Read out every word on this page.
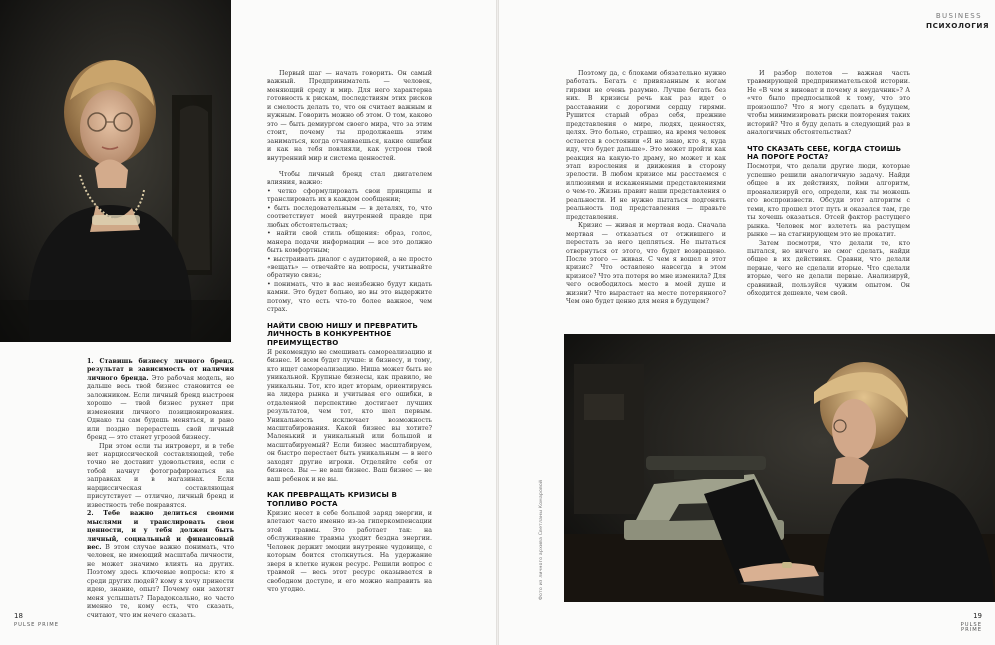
BUSINESS
ПСИХОЛОГИЯ
Фото из личного архива Светланы Комаровой

1. Ставишь бизнесу личного бренд. результат в зависимость от наличия личного бренда. Это рабочая модель, но дальше весь твой бизнес становится ее заложником. Если личный бренд выстроен хорошо — твой бизнес рухнет при изменении личного позиционирования. Однако ты сам будешь меняться, и рано или поздно перерастешь свой личный бренд — это станет угрозой бизнесу.

При этом если ты интроверт, и в тебе нет нарциссической составляющей, тебе точно не доставит удовольствия, если с тобой начнут фотографироваться на заправках и в магазинах. Если нарциссическая составляющая присутствует — отлично, личный бренд и известность тебе понравятся.

2. Тебе важно делиться своими мыслями и транслировать свои ценности, и у тебя должен быть личный, социальный и финансовый вес. В этом случае важно понимать, что человек, не имеющий масштаба личности, не может значимо влиять на других. Поэтому здесь ключевые вопросы: кто я среди других людей? кому я хочу принести идею, знание, опыт? Почему они захотят меня услышать? Парадоксально, но часто именно те, кому есть, что сказать, считают, что им нечего сказать.

Первый шаг — начать говорить. Он самый важный. Предприниматель — человек, меняющий среду и мир. Для него характерна готовность к рискам, последствиям этих рисков и смелость делать то, что он считает важным и нужным. Говорить можно об этом. О том, каково это — быть демиургом своего мира, что за этим стоит, почему ты продолжаешь этим заниматься, когда отчаиваешься, какие ошибки и как на тебя повлияли, как устроен твой внутренний мир и система ценностей.

Чтобы личный бренд стал двигателем влияния, важно:

• четко сформулировать свои принципы и транслировать их в каждом сообщении;

• быть последовательным — в деталях, то, что соответствует моей внутренней правде при любых обстоятельствах;

• найти свой стиль общения: образ, голос, манера подачи информации — все это должно быть комфортным;

• выстраивать диалог с аудиторией, а не просто «вещать» — отвечайте на вопросы, учитывайте обратную связь;

• понимать, что в вас неизбежно будут кидать камни. Это будет больно, но вы это выдержите потому, что есть что-то более важное, чем страх.

НАЙТИ СВОЮ НИШУ И ПРЕВРАТИТЬ ЛИЧНОСТЬ В КОНКУРЕНТНОЕ ПРЕИМУЩЕСТВО

Я рекомендую не смешивать самореализацию и бизнес. И всем будет лучше: и бизнесу, и тому, кто ищет самореализацию. Ниша может быть не уникальной. Крупные бизнесы, как правило, не уникальны. Тот, кто идет вторым, ориентируясь на лидера рынка и учитывая его ошибки, в отдаленной перспективе достигает лучших результатов, чем тот, кто шел первым. Уникальность исключает возможность масштабирования. Какой бизнес вы хотите? Маленький и уникальный или большой и масштабируемый? Если бизнес масштабируем, он быстро перестает быть уникальным — в него заходят другие игроки. Отделяйте себя от бизнеса. Вы — не ваш бизнес. Ваш бизнес — не ваш ребенок и не вы.

КАК ПРЕВРАЩАТЬ КРИЗИСЫ В ТОПЛИВО РОСТА

Кризис несет в себе большой заряд энергии, и влетают часто именно из-за гиперкомпенсации этой травмы. Это работает так: на обслуживание травмы уходит бездна энергии. Человек держит эмоции внутренне чудовище, с которым боится столкнуться. На удержание зверя в клетке нужен ресурс. Решили вопрос с травмой — весь этот ресурс оказывается в свободном доступе, и его можно направить на что угодно.

Поэтому да, с блоками обязательно нужно работать. Бегать с привязанным к ногам гирями не очень разумно. Лучше бегать без них. В кризисы речь как раз идет о расставании с дорогими сердцу гирями. Рушится старый образ себя, прежние представления о мире, людях, ценностях, целях. Это больно, страшно, на время человек остается в состоянии «Я не знаю, кто я, куда иду, что будет дальше». Это может пройти как реакция на какую-то драму, но может и как этап взросления и движения в сторону зрелости. В любом кризисе мы расстаемся с иллюзиями и искаженными представлениями о чем-то. Жизнь правит наши представления о реальности. И не нужно пытаться подгонять реальность под представления — правьте представления.

Кризис — живая и мертвая вода. Сначала мертвая — отказаться от отжившего и перестать за него цепляться. Не пытаться отвернуться от этого, что будет возвращено. После этого — живая. С чем я вошел в этот кризис? Что оставлено навсегда в этом кризисе? Что эта потеря во мне изменила? Для чего освободилось место в моей душе и жизни? Что вырастает на месте потерянного? Чем оно будет ценно для меня в будущем?

И разбор полетов — важная часть травмирующей предпринимательской истории. Не «В чем я виноват и почему я неудачник»? А «что было предпосылкой к тому, что это произошло? Что я могу сделать в будущем, чтобы минимизировать риски повторения таких историй? Что я буду делать в следующий раз в аналогичных обстоятельствах?

ЧТО СКАЗАТЬ СЕБЕ, КОГДА СТОИШЬ НА ПОРОГЕ РОСТА?

Посмотри, что делали другие люди, которые успешно решили аналогичную задачу. Найди общее в их действиях, пойми алгоритм, проанализируй его, определи, как ты можешь его воспроизвести. Обсуди этот алгоритм с теми, кто прошел этот путь и оказался там, где ты хочешь оказаться. Отсей фактор растущего рынка. Человек мог взлететь на растущем рынке — на стагнирующем это не прокатит.

Затем посмотри, что делали те, кто пытался, но ничего не смог сделать, найди общее в их действиях. Сравни, что делали первые, чего не сделали вторые. Что сделали вторые, чего не делали первые. Анализируй, сравнивай, пользуйся чужим опытом. Он обходится дешевле, чем свой.

18
PULSE PRIME
19
PULSE PRIME
